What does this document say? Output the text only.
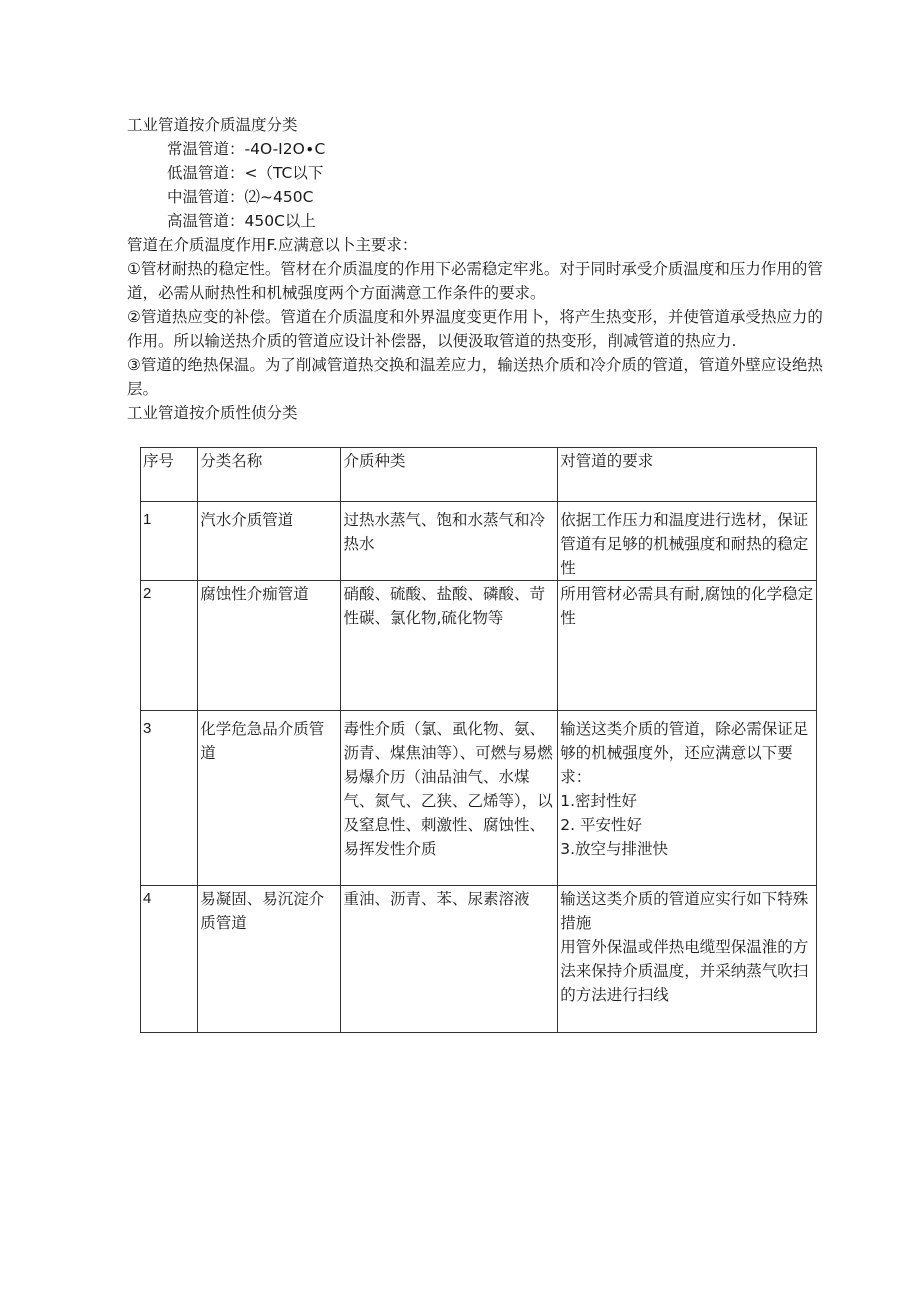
工业管道按介质温度分类

常温管道：-4O-I2O∙C

低温管道：<（TC以下

中温管道：⑵~450C

高温管道：450C以上

管道在介质温度作用F.应满意以卜主要求：

①管材耐热的稳定性。管材在介质温度的作用下必需稳定牢兆。对于同时承受介质温度和压力作用的管道，必需从耐热性和机械强度两个方面满意工作条件的要求。

②管道热应变的补偿。管道在介质温度和外界温度变更作用卜，将产生热变形，并使管道承受热应力的作用。所以输送热介质的管道应设计补偿器，以便汲取管道的热变形，削减管道的热应力.

③管道的绝热保温。为了削减管道热交换和温差应力，输送热介质和冷介质的管道，管道外壁应设绝热层。

工业管道按介质性侦分类

序号	分类名称	介质种类	对管道的要求
1	汽水介质管道	过热水蒸气、饱和水蒸气和冷热水	依据工作压力和温度进行选材，保证管道有足够的机械强度和耐热的稳定性

2	腐蚀性介痂管道	硝酸、硫酸、盐酸、磷酸、苛性碳、氯化物,硫化物等	所用管材必需具有耐,腐蚀的化学稳定性

3	化学危急品介质管道	毒性介质（氯、虱化物、氨、沥青、煤焦油等）、可燃与易燃易爆介历（油品油气、水煤气、氮气、乙狭、乙烯等），以及窒息性、刺激性、腐蚀性、易挥发性介质	输送这类介质的管道，除必需保证足够的机械强度外，还应满意以下要求：
1.密封性好
2. 平安性好
3.放空与排泄快

4	易凝固、易沉淀介质管道	重油、沥青、苯、尿素溶液	输送这类介质的管道应实行如下特殊措施
用管外保温或伴热电缆型保温淮的方法来保持介质温度，并采纳蒸气吹扫的方法进行扫线
